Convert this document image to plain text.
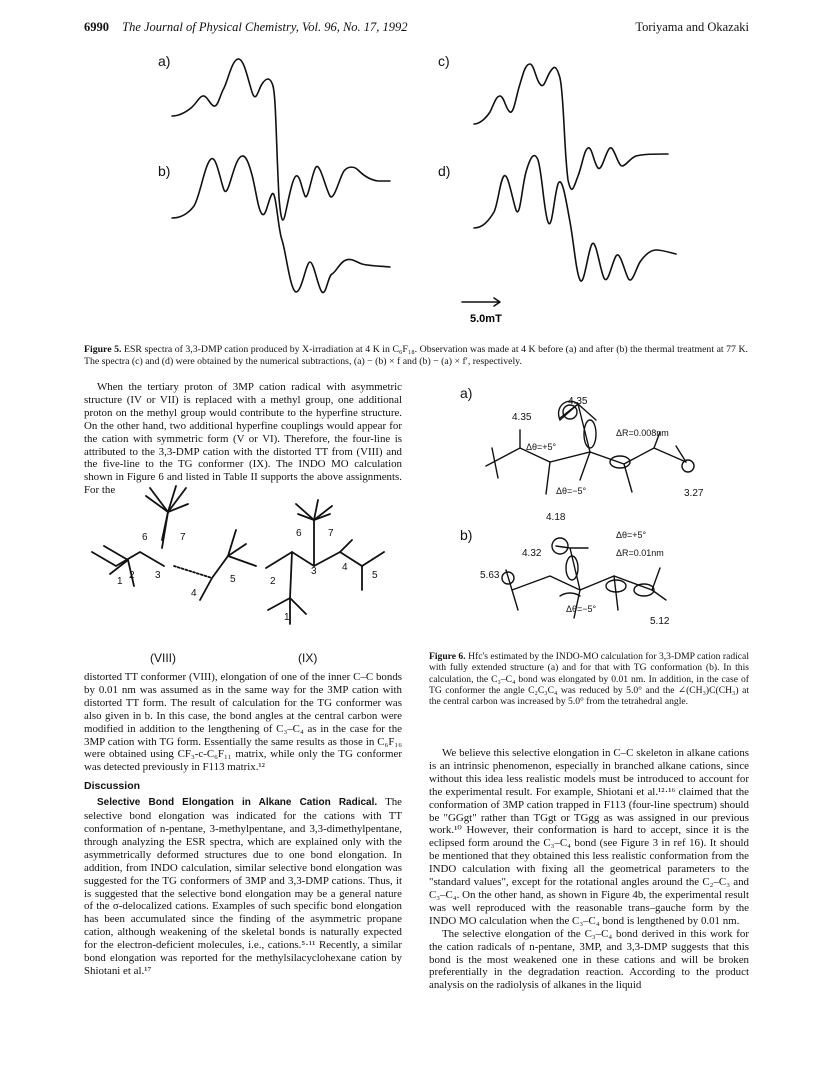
6990 The Journal of Physical Chemistry, Vol. 96, No. 17, 1992	Toriyama and Okazaki
a)
b)
c)
d)
5.0mT
1
2 3
4
5
6	7
1
2
3	4
5
6	7
(VIII)	(IX)
a)
4.35
4.35
3.27
Δθ=+5°
Δθ=−5°
ΔR=0.008nm
b)
4.18
4.32
5.63
5.12
Δθ=+5°
ΔR=0.01nm
Δθ=−5°
Figure 5. ESR spectra of 3,3-DMP cation produced by X-irradiation at 4 K in C₆F₁₈. Observation was made at 4 K before (a) and after (b) the thermal treatment at 77 K. The spectra (c) and (d) were obtained by the numerical subtractions, (a) − (b) × f and (b) − (a) × f′, respectively.

When the tertiary proton of 3MP cation radical with asymmetric structure (IV or VII) is replaced with a methyl group, one additional proton on the methyl group would contribute to the hyperfine structure. On the other hand, two additional hyperfine couplings would appear for the cation with symmetric form (V or VI). Therefore, the four-line is attributed to the 3,3-DMP cation with the distorted TT from (VIII) and the five-line to the TG conformer (IX). The INDO MO calculation shown in Figure 6 and listed in Table II supports the above assignments. For the

distorted TT conformer (VIII), elongation of one of the inner C–C bonds by 0.01 nm was assumed as in the same way for the 3MP cation with distorted TT form. The result of calculation for the TG conformer was also given in b. In this case, the bond angles at the central carbon were modified in addition to the lengthening of C₃–C₄ as in the case for the 3MP cation with TG form. Essentially the same results as those in C₆F₁₆ were obtained using CF₃-c-C₆F₁₁ matrix, while only the TG conformer was detected previously in F113 matrix.¹²

Discussion

Selective Bond Elongation in Alkane Cation Radical. The selective bond elongation was indicated for the cations with TT conformation of n-pentane, 3-methylpentane, and 3,3-dimethylpentane, through analyzing the ESR spectra, which are explained only with the asymmetrically deformed structures due to one bond elongation. In addition, from INDO calculation, similar selective bond elongation was suggested for the TG conformers of 3MP and 3,3-DMP cations. Thus, it is suggested that the selective bond elongation may be a general nature of the σ-delocalized cations. Examples of such specific bond elongation has been accumulated since the finding of the asymmetric propane cation, although weakening of the skeletal bonds is naturally expected for the electron-deficient molecules, i.e., cations.⁵·¹¹ Recently, a similar bond elongation was reported for the methylsilacyclohexane cation by Shiotani et al.¹⁷

Figure 6. Hfc's estimated by the INDO-MO calculation for 3,3-DMP cation radical with fully extended structure (a) and for that with TG conformation (b). In this calculation, the C₃–C₄ bond was elongated by 0.01 nm. In addition, in the case of TG conformer the angle C₂C₃C₄ was reduced by 5.0° and the ∠(CH₃)C(CH₃) at the central carbon was increased by 5.0° from the tetrahedral angle.

We believe this selective elongation in C–C skeleton in alkane cations is an intrinsic phenomenon, especially in branched alkane cations, since without this idea less realistic models must be introduced to account for the experimental result. For example, Shiotani et al.¹²·¹⁶ claimed that the conformation of 3MP cation trapped in F113 (four-line spectrum) should be "GGgt" rather than TGgt or TGgg as was assigned in our previous work.¹⁰ However, their conformation is hard to accept, since it is the eclipsed form around the C₃–C₄ bond (see Figure 3 in ref 16). It should be mentioned that they obtained this less realistic conformation from the INDO calculation with fixing all the geometrical parameters to the "standard values", except for the rotational angles around the C₂–C₃ and C₃–C₄. On the other hand, as shown in Figure 4b, the experimental result was well reproduced with the reasonable trans–gauche form by the INDO MO calculation when the C₃–C₄ bond is lengthened by 0.01 nm.

The selective elongation of the C₃–C₄ bond derived in this work for the cation radicals of n-pentane, 3MP, and 3,3-DMP suggests that this bond is the most weakened one in these cations and will be broken preferentially in the degradation reaction. According to the product analysis on the radiolysis of alkanes in the liquid
